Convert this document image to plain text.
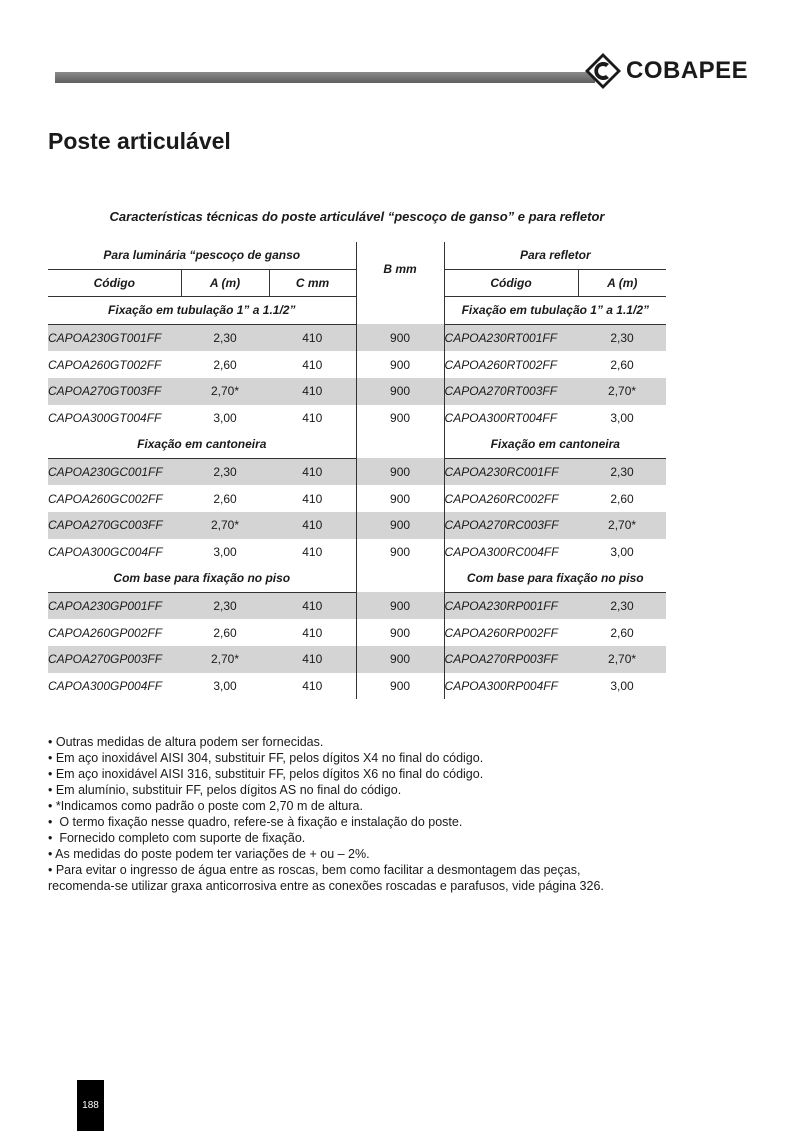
COBAPEE
Poste articulável
Características técnicas do poste articulável “pescoço de ganso” e para refletor
Para luminária “pescoço de ganso			B mm	Para refletor	
Código	A (m)	C mm		Código	A (m)
Fixação em tubulação 1” a 1.1/2”				Fixação em tubulação 1” a 1.1/2”	
CAPOA230GT001FF	2,30	410	900	CAPOA230RT001FF	2,30
CAPOA260GT002FF	2,60	410	900	CAPOA260RT002FF	2,60
CAPOA270GT003FF	2,70*	410	900	CAPOA270RT003FF	2,70*
CAPOA300GT004FF	3,00	410	900	CAPOA300RT004FF	3,00
Fixação em cantoneira				Fixação em cantoneira	
CAPOA230GC001FF	2,30	410	900	CAPOA230RC001FF	2,30
CAPOA260GC002FF	2,60	410	900	CAPOA260RC002FF	2,60
CAPOA270GC003FF	2,70*	410	900	CAPOA270RC003FF	2,70*
CAPOA300GC004FF	3,00	410	900	CAPOA300RC004FF	3,00
Com base para fixação no piso				Com base para fixação no piso	
CAPOA230GP001FF	2,30	410	900	CAPOA230RP001FF	2,30
CAPOA260GP002FF	2,60	410	900	CAPOA260RP002FF	2,60
CAPOA270GP003FF	2,70*	410	900	CAPOA270RP003FF	2,70*
CAPOA300GP004FF	3,00	410	900	CAPOA300RP004FF	3,00
• Outras medidas de altura podem ser fornecidas.
• Em aço inoxidável AISI 304, substituir FF, pelos dígitos X4 no final do código.
• Em aço inoxidável AISI 316, substituir FF, pelos dígitos X6 no final do código.
• Em alumínio, substituir FF, pelos dígitos AS no final do código.
• *Indicamos como padrão o poste com 2,70 m de altura.
•  O termo fixação nesse quadro, refere-se à fixação e instalação do poste.
•  Fornecido completo com suporte de fixação.
• As medidas do poste podem ter variações de + ou – 2%.
• Para evitar o ingresso de água entre as roscas, bem como facilitar a desmontagem das peças,
recomenda-se utilizar graxa anticorrosiva entre as conexões roscadas e parafusos, vide página 326.
188
